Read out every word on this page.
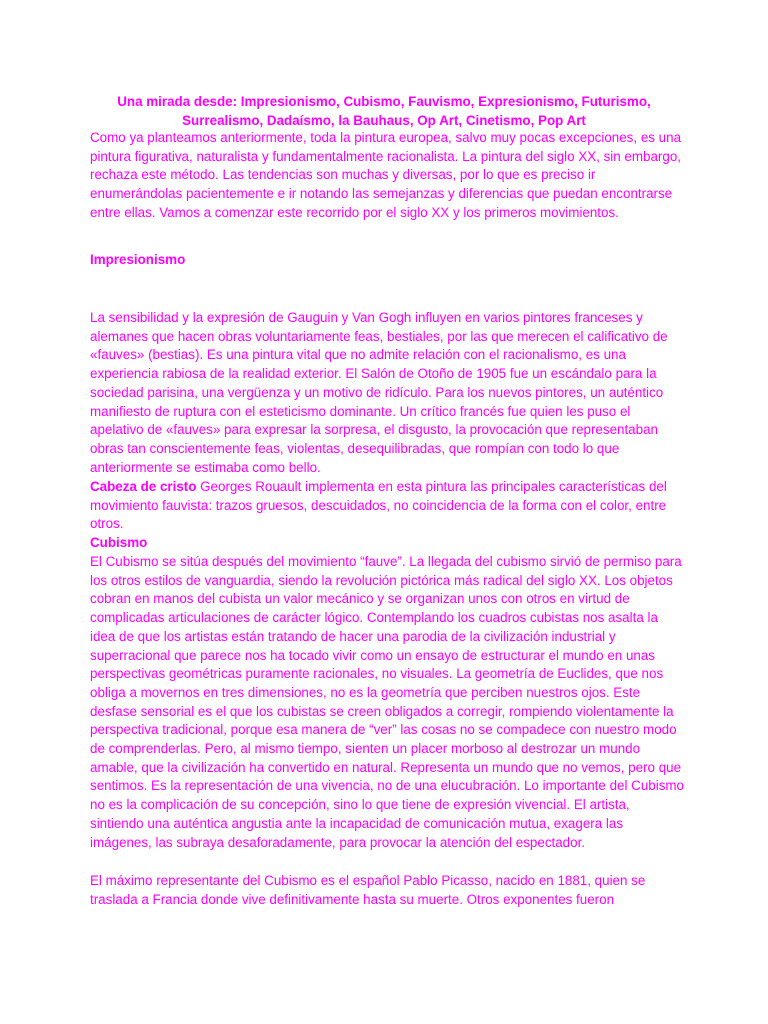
Una mirada desde: Impresionismo, Cubismo, Fauvismo, Expresionismo, Futurismo, Surrealismo, Dadaísmo, la Bauhaus, Op Art, Cinetismo, Pop Art

Como ya planteamos anteriormente, toda la pintura europea, salvo muy pocas excepciones, es una pintura figurativa, naturalista y fundamentalmente racionalista. La pintura del siglo XX, sin embargo, rechaza este método. Las tendencias son muchas y diversas, por lo que es preciso ir enumerándolas pacientemente e ir notando las semejanzas y diferencias que puedan encontrarse entre ellas. Vamos a comenzar este recorrido por el siglo XX y los primeros movimientos.

Impresionismo

La sensibilidad y la expresión de Gauguin y Van Gogh influyen en varios pintores franceses y alemanes que hacen obras voluntariamente feas, bestiales, por las que merecen el calificativo de «fauves» (bestias). Es una pintura vital que no admite relación con el racionalismo, es una experiencia rabiosa de la realidad exterior. El Salón de Otoño de 1905 fue un escándalo para la sociedad parisina, una vergüenza y un motivo de ridículo. Para los nuevos pintores, un auténtico manifiesto de ruptura con el esteticismo dominante. Un crítico francés fue quien les puso el apelativo de «fauves» para expresar la sorpresa, el disgusto, la provocación que representaban obras tan conscientemente feas, violentas, desequilibradas, que rompían con todo lo que anteriormente se estimaba como bello.

Cabeza de cristo Georges Rouault implementa en esta pintura las principales características del movimiento fauvista: trazos gruesos, descuidados, no coincidencia de la forma con el color, entre otros.

Cubismo

El Cubismo se sitúa después del movimiento “fauve”. La llegada del cubismo sirvió de permiso para los otros estilos de vanguardia, siendo la revolución pictórica más radical del siglo XX. Los objetos cobran en manos del cubista un valor mecánico y se organizan unos con otros en virtud de complicadas articulaciones de carácter lógico. Contemplando los cuadros cubistas nos asalta la idea de que los artistas están tratando de hacer una parodia de la civilización industrial y superracional que parece nos ha tocado vivir como un ensayo de estructurar el mundo en unas perspectivas geométricas puramente racionales, no visuales. La geometría de Euclides, que nos obliga a movernos en tres dimensiones, no es la geometría que perciben nuestros ojos. Este desfase sensorial es el que los cubistas se creen obligados a corregir, rompiendo violentamente la perspectiva tradicional, porque esa manera de “ver” las cosas no se compadece con nuestro modo de comprenderlas. Pero, al mismo tiempo, sienten un placer morboso al destrozar un mundo amable, que la civilización ha convertido en natural. Representa un mundo que no vemos, pero que sentimos. Es la representación de una vivencia, no de una elucubración. Lo importante del Cubismo no es la complicación de su concepción, sino lo que tiene de expresión vivencial. El artista, sintiendo una auténtica angustia ante la incapacidad de comunicación mutua, exagera las imágenes, las subraya desaforadamente, para provocar la atención del espectador.

El máximo representante del Cubismo es el español Pablo Picasso, nacido en 1881, quien se traslada a Francia donde vive definitivamente hasta su muerte. Otros exponentes fueron
